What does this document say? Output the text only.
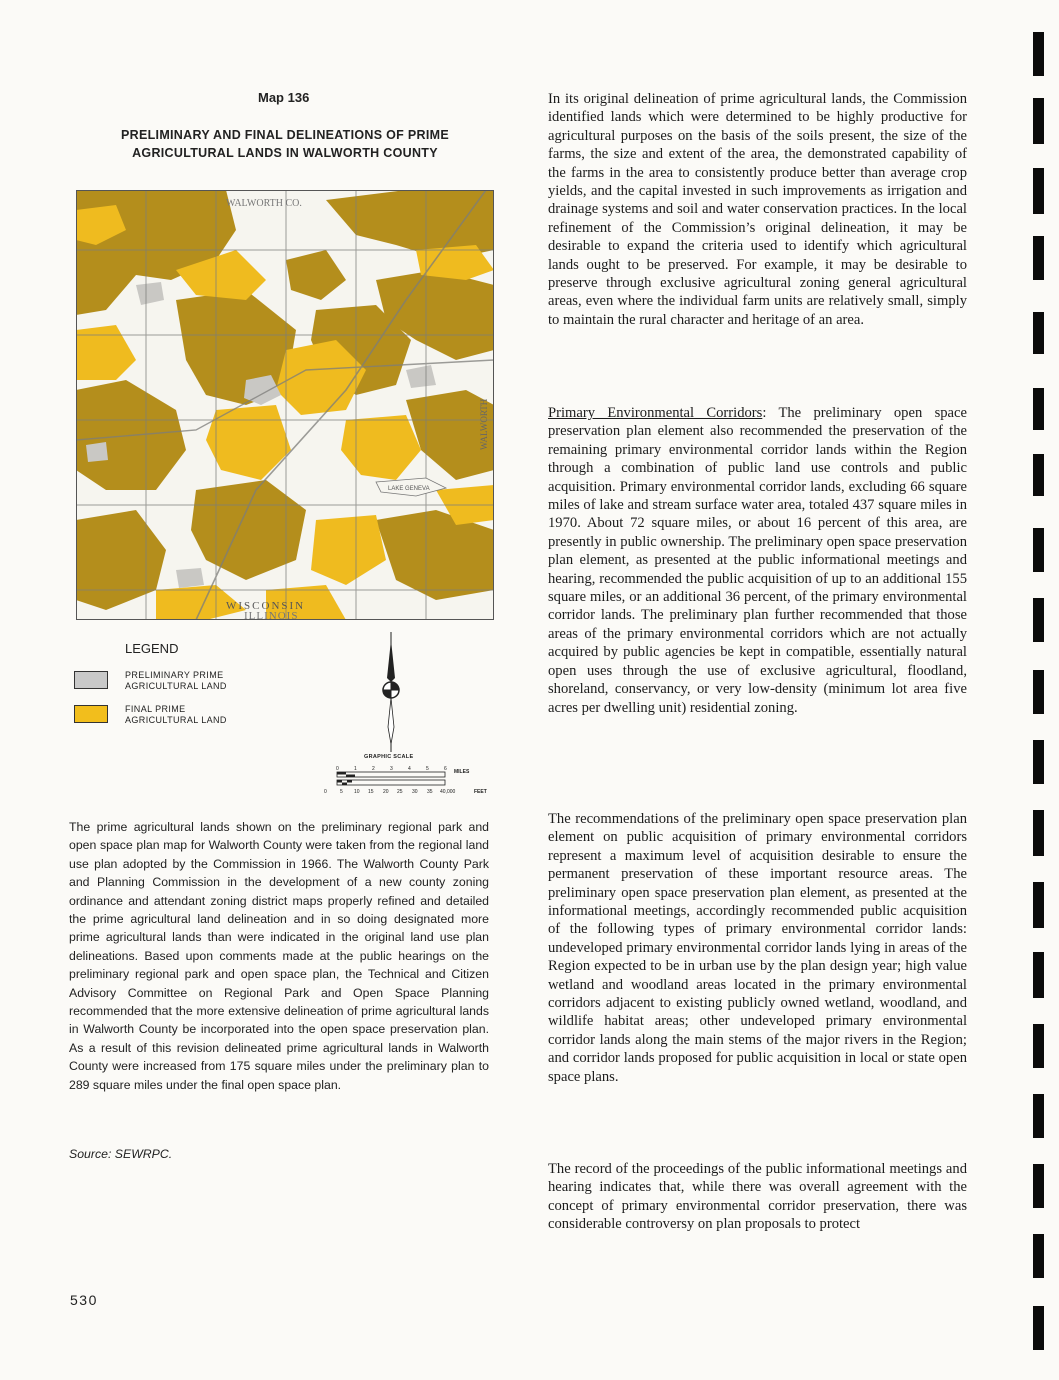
Map 136
PRELIMINARY AND FINAL DELINEATIONS OF PRIME AGRICULTURAL LANDS IN WALWORTH COUNTY
WALWORTH CO.
LAKE GENEVA
WISCONSIN
WALWORTH
ILLINOIS
LEGEND
PRELIMINARY PRIME
AGRICULTURAL LAND
FINAL PRIME
AGRICULTURAL LAND
GRAPHIC SCALE
0	1	2	3	4	5	6 MILES
0	5 10 15 20 25 30 35 40,000	FEET
The prime agricultural lands shown on the preliminary regional park and open space plan map for Walworth County were taken from the regional land use plan adopted by the Commission in 1966. The Walworth County Park and Planning Commission in the development of a new county zoning ordinance and attendant zoning district maps properly refined and detailed the prime agricultural land delineation and in so doing designated more prime agricultural lands than were indicated in the original land use plan delineations. Based upon comments made at the public hearings on the preliminary regional park and open space plan, the Technical and Citizen Advisory Committee on Regional Park and Open Space Planning recommended that the more extensive delineation of prime agricultural lands in Walworth County be incorporated into the open space preservation plan. As a result of this revision delineated prime agricultural lands in Walworth County were increased from 175 square miles under the preliminary plan to 289 square miles under the final open space plan.
Source: SEWRPC.
530

In its original delineation of prime agricultural lands, the Commission identified lands which were determined to be highly productive for agricultural purposes on the basis of the soils present, the size of the farms, the size and extent of the area, the demonstrated capability of the farms in the area to consistently produce better than average crop yields, and the capital invested in such improvements as irrigation and drainage systems and soil and water conservation practices. In the local refinement of the Commission’s original delineation, it may be desirable to expand the criteria used to identify which agricultural lands ought to be preserved. For example, it may be desirable to preserve through exclusive agricultural zoning general agricultural areas, even where the individual farm units are relatively small, simply to maintain the rural character and heritage of an area.

Primary Environmental Corridors: The preliminary open space preservation plan element also recommended the preservation of the remaining primary environmental corridor lands within the Region through a combination of public land use controls and public acquisition. Primary environmental corridor lands, excluding 66 square miles of lake and stream surface water area, totaled 437 square miles in 1970. About 72 square miles, or about 16 percent of this area, are presently in public ownership. The preliminary open space preservation plan element, as presented at the public informational meetings and hearing, recommended the public acquisition of up to an additional 155 square miles, or an additional 36 percent, of the primary environmental corridor lands. The preliminary plan further recommended that those areas of the primary environmental corridors which are not actually acquired by public agencies be kept in compatible, essentially natural open uses through the use of exclusive agricultural, floodland, shoreland, conservancy, or very low-density (minimum lot area five acres per dwelling unit) residential zoning.

The recommendations of the preliminary open space preservation plan element on public acquisition of primary environmental corridors represent a maximum level of acquisition desirable to ensure the permanent preservation of these important resource areas. The preliminary open space preservation plan element, as presented at the informational meetings, accordingly recommended public acquisition of the following types of primary environmental corridor lands: undeveloped primary environmental corridor lands lying in areas of the Region expected to be in urban use by the plan design year; high value wetland and woodland areas located in the primary environmental corridors adjacent to existing publicly owned wetland, woodland, and wildlife habitat areas; other undeveloped primary environmental corridor lands along the main stems of the major rivers in the Region; and corridor lands proposed for public acquisition in local or state open space plans.

The record of the proceedings of the public informational meetings and hearing indicates that, while there was overall agreement with the concept of primary environmental corridor preservation, there was considerable controversy on plan proposals to protect
